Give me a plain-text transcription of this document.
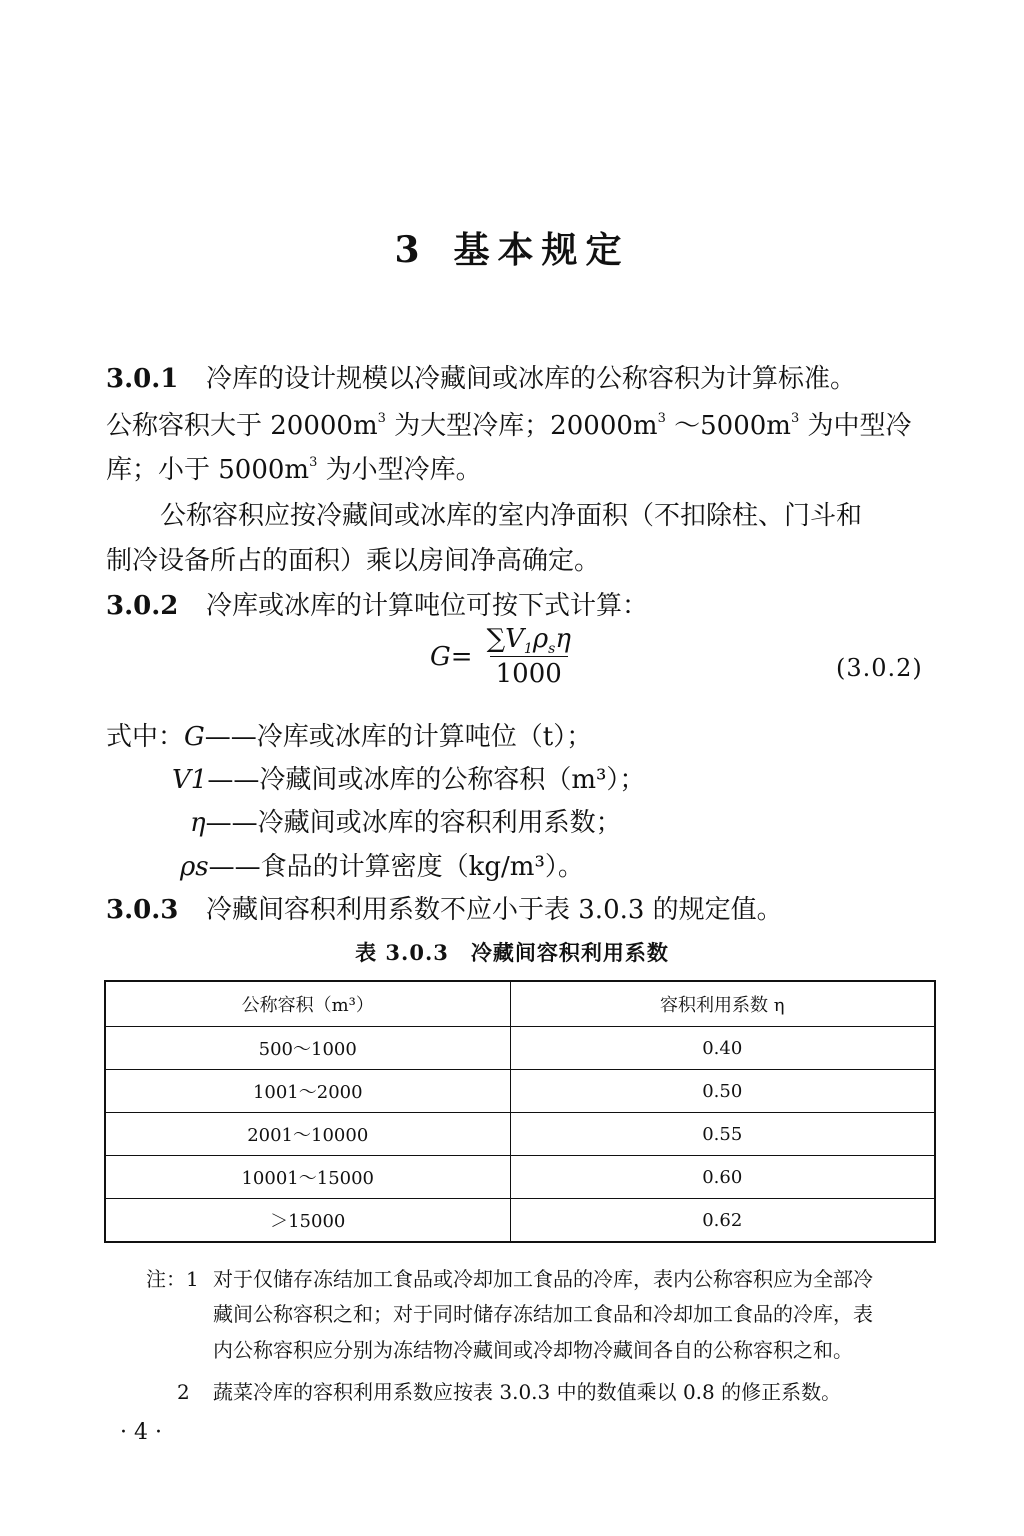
3 基本规定
3.0.1 冷库的设计规模以冷藏间或冰库的公称容积为计算标准。
公称容积大于 $20000m^3$ 为大型冷库；$20000m^3$ $\sim 5000m^3$ 为中型冷
库；小于 $5000m^3$ 为小型冷库。
公称容积应按冷藏间或冰库的室内净面积（不扣除柱、门斗和
制冷设备所占的面积）乘以房间净高确定。
3.0.2 冷库或冰库的计算吨位可按下式计算：
$G= \frac{\sum V_1\rho_s\eta}{1000}$	(3.0.2)
式中：G——冷库或冰库的计算吨位（t）；
V1——冷藏间或冰库的公称容积（m³）；
η——冷藏间或冰库的容积利用系数；
ρs——食品的计算密度（kg/m³）。
3.0.3 冷藏间容积利用系数不应小于表 3.0.3 的规定值。
表 3.0.3　冷藏间容积利用系数
公称容积（m³）	容积利用系数 η
500～1000	0.40
1001～2000	0.50
2001～10000	0.55
10001～15000	0.60
＞15000	0.62
注：1 对于仅储存冻结加工食品或冷却加工食品的冷库，表内公称容积应为全部冷
藏间公称容积之和；对于同时储存冻结加工食品和冷却加工食品的冷库，表
内公称容积应分别为冻结物冷藏间或冷却物冷藏间各自的公称容积之和。
2 蔬菜冷库的容积利用系数应按表 3.0.3 中的数值乘以 0.8 的修正系数。
· 4 ·
